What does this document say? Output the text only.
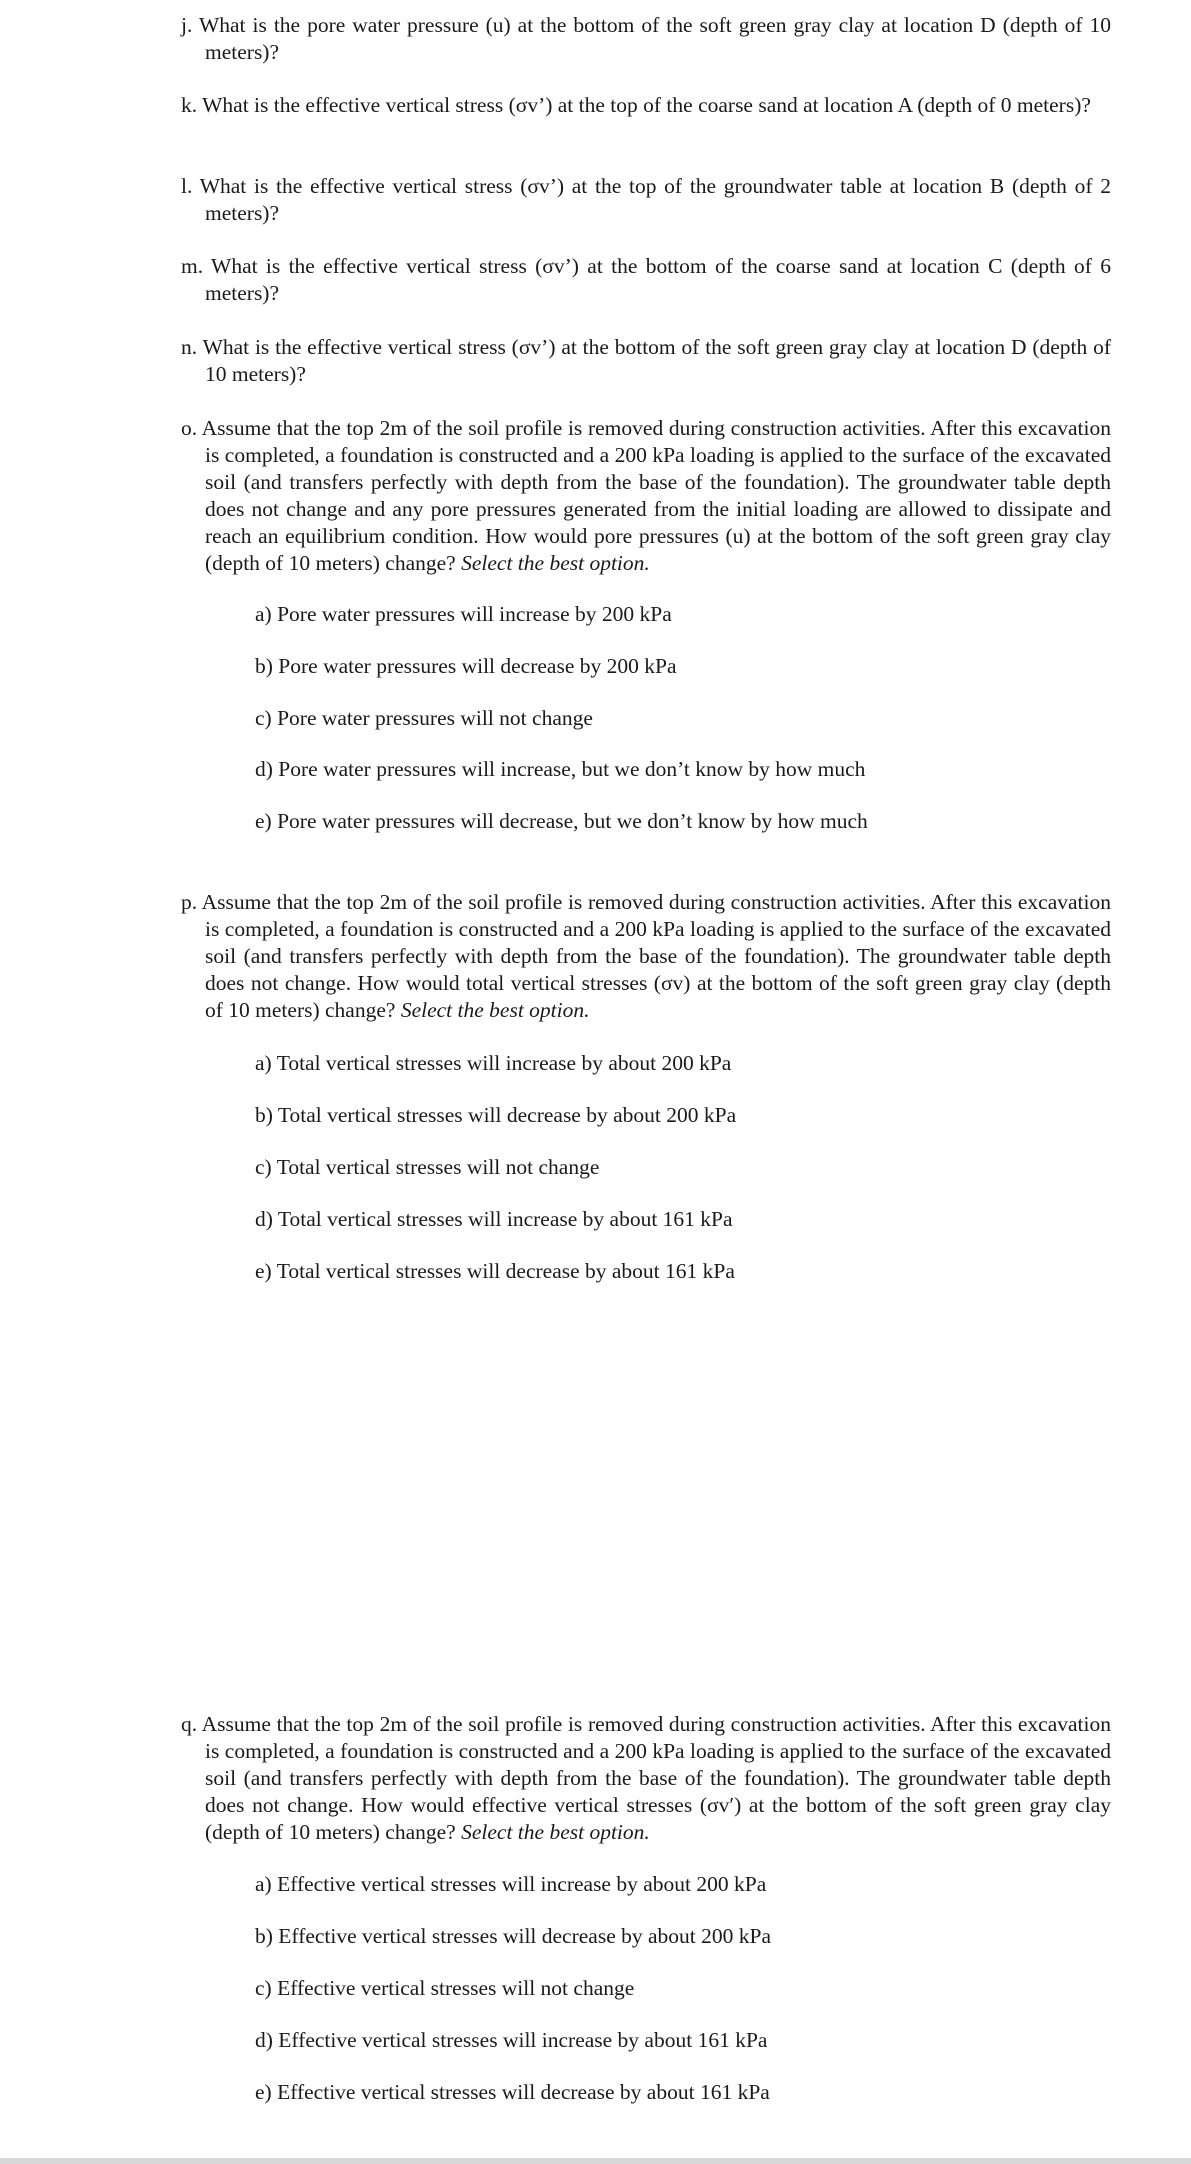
j. What is the pore water pressure (u) at the bottom of the soft green gray clay at location D (depth of 10 meters)?
k. What is the effective vertical stress (σv’) at the top of the coarse sand at location A (depth of 0 meters)?
l. What is the effective vertical stress (σv’) at the top of the groundwater table at location B (depth of 2 meters)?
m. What is the effective vertical stress (σv’) at the bottom of the coarse sand at location C (depth of 6 meters)?
n. What is the effective vertical stress (σv’) at the bottom of the soft green gray clay at location D (depth of 10 meters)?
o. Assume that the top 2m of the soil profile is removed during construction activities. After this excavation is completed, a foundation is constructed and a 200 kPa loading is applied to the surface of the excavated soil (and transfers perfectly with depth from the base of the foundation). The groundwater table depth does not change and any pore pressures generated from the initial loading are allowed to dissipate and reach an equilibrium condition. How would pore pressures (u) at the bottom of the soft green gray clay (depth of 10 meters) change? Select the best option.
a) Pore water pressures will increase by 200 kPa
b) Pore water pressures will decrease by 200 kPa
c) Pore water pressures will not change
d) Pore water pressures will increase, but we don’t know by how much
e) Pore water pressures will decrease, but we don’t know by how much
p. Assume that the top 2m of the soil profile is removed during construction activities. After this excavation is completed, a foundation is constructed and a 200 kPa loading is applied to the surface of the excavated soil (and transfers perfectly with depth from the base of the foundation). The groundwater table depth does not change. How would total vertical stresses (σv) at the bottom of the soft green gray clay (depth of 10 meters) change? Select the best option.
a) Total vertical stresses will increase by about 200 kPa
b) Total vertical stresses will decrease by about 200 kPa
c) Total vertical stresses will not change
d) Total vertical stresses will increase by about 161 kPa
e) Total vertical stresses will decrease by about 161 kPa
q. Assume that the top 2m of the soil profile is removed during construction activities. After this excavation is completed, a foundation is constructed and a 200 kPa loading is applied to the surface of the excavated soil (and transfers perfectly with depth from the base of the foundation). The groundwater table depth does not change. How would effective vertical stresses (σv′) at the bottom of the soft green gray clay (depth of 10 meters) change? Select the best option.
a) Effective vertical stresses will increase by about 200 kPa
b) Effective vertical stresses will decrease by about 200 kPa
c) Effective vertical stresses will not change
d) Effective vertical stresses will increase by about 161 kPa
e) Effective vertical stresses will decrease by about 161 kPa
